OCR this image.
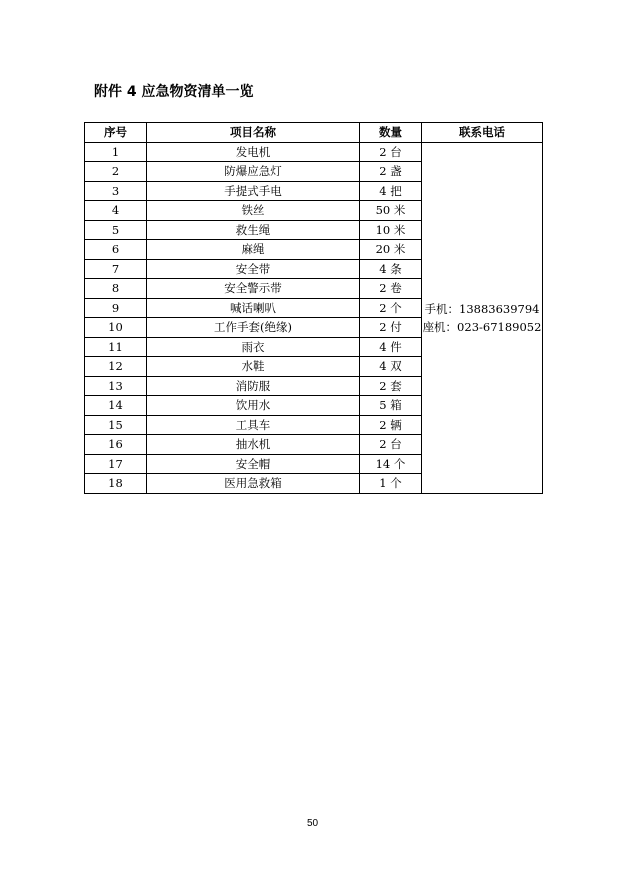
附件 4 应急物资清单一览
序号	项目名称	数量	联系电话
1	发电机	2 台	手机：13883639794
座机：023-67189052

2	防爆应急灯	2 盏	
3	手提式手电	4 把	
4	铁丝	50 米	
5	救生绳	10 米	
6	麻绳	20 米	
7	安全带	4 条	
8	安全警示带	2 卷	
9	喊话喇叭	2 个	
10	工作手套(绝缘)	2 付	
11	雨衣	4 件	
12	水鞋	4 双	
13	消防服	2 套	
14	饮用水	5 箱	
15	工具车	2 辆	
16	抽水机	2 台	
17	安全帽	14 个	
18	医用急救箱	1 个	
50
